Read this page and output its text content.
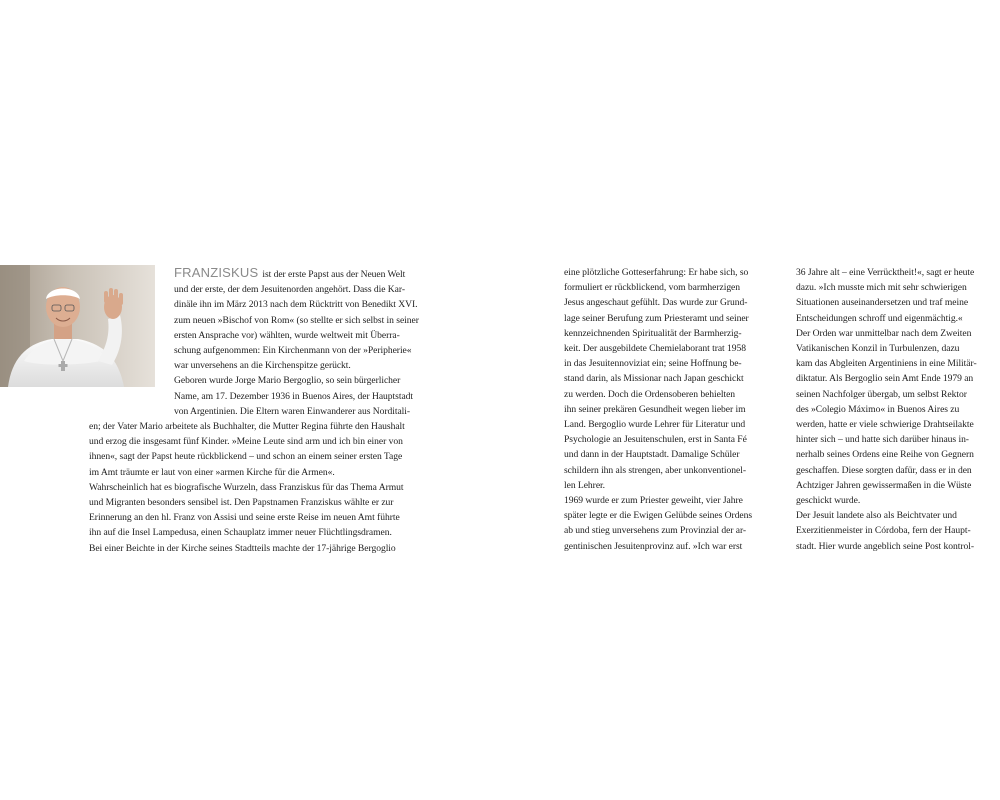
FRANZISKUS ist der erste Papst aus der Neuen Welt
und der erste, der dem Jesuitenorden angehört. Dass die Kar-
dinäle ihn im März 2013 nach dem Rücktritt von Benedikt XVI.
zum neuen »Bischof von Rom« (so stellte er sich selbst in seiner
ersten Ansprache vor) wählten, wurde weltweit mit Überra-
schung aufgenommen: Ein Kirchenmann von der »Peripherie«
war unversehens an die Kirchenspitze gerückt.
Geboren wurde Jorge Mario Bergoglio, so sein bürgerlicher
Name, am 17. Dezember 1936 in Buenos Aires, der Hauptstadt
von Argentinien. Die Eltern waren Einwanderer aus Norditali-
en; der Vater Mario arbeitete als Buchhalter, die Mutter Regina führte den Haushalt
und erzog die insgesamt fünf Kinder. »Meine Leute sind arm und ich bin einer von
ihnen«, sagt der Papst heute rückblickend – und schon an einem seiner ersten Tage
im Amt träumte er laut von einer »armen Kirche für die Armen«.
Wahrscheinlich hat es biografische Wurzeln, dass Franziskus für das Thema Armut
und Migranten besonders sensibel ist. Den Papstnamen Franziskus wählte er zur
Erinnerung an den hl. Franz von Assisi und seine erste Reise im neuen Amt führte
ihn auf die Insel Lampedusa, einen Schauplatz immer neuer Flüchtlingsdramen.
Bei einer Beichte in der Kirche seines Stadtteils machte der 17-jährige Bergoglio
eine plötzliche Gotteserfahrung: Er habe sich, so
formuliert er rückblickend, vom barmherzigen
Jesus angeschaut gefühlt. Das wurde zur Grund-
lage seiner Berufung zum Priesteramt und seiner
kennzeichnenden Spiritualität der Barmherzig-
keit. Der ausgebildete Chemielaborant trat 1958
in das Jesuitennoviziat ein; seine Hoffnung be-
stand darin, als Missionar nach Japan geschickt
zu werden. Doch die Ordensoberen behielten
ihn seiner prekären Gesundheit wegen lieber im
Land. Bergoglio wurde Lehrer für Literatur und
Psychologie an Jesuitenschulen, erst in Santa Fé
und dann in der Hauptstadt. Damalige Schüler
schildern ihn als strengen, aber unkonventionel-
len Lehrer.
1969 wurde er zum Priester geweiht, vier Jahre
später legte er die Ewigen Gelübde seines Ordens
ab und stieg unversehens zum Provinzial der ar-
gentinischen Jesuitenprovinz auf. »Ich war erst
36 Jahre alt – eine Verrücktheit!«, sagt er heute
dazu. »Ich musste mich mit sehr schwierigen
Situationen auseinandersetzen und traf meine
Entscheidungen schroff und eigenmächtig.«
Der Orden war unmittelbar nach dem Zweiten
Vatikanischen Konzil in Turbulenzen, dazu
kam das Abgleiten Argentiniens in eine Militär-
diktatur. Als Bergoglio sein Amt Ende 1979 an
seinen Nachfolger übergab, um selbst Rektor
des »Colegio Máximo« in Buenos Aires zu
werden, hatte er viele schwierige Drahtseilakte
hinter sich – und hatte sich darüber hinaus in-
nerhalb seines Ordens eine Reihe von Gegnern
geschaffen. Diese sorgten dafür, dass er in den
Achtziger Jahren gewissermaßen in die Wüste
geschickt wurde.
Der Jesuit landete also als Beichtvater und
Exerzitienmeister in Córdoba, fern der Haupt-
stadt. Hier wurde angeblich seine Post kontrol-
